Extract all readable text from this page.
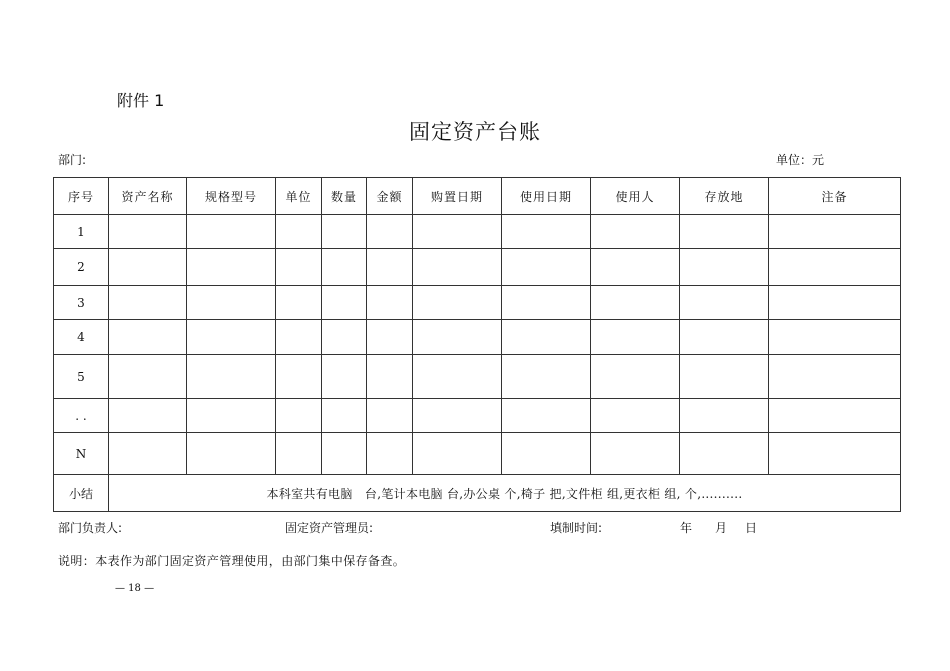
附件 1
固定资产台账
部门:	单位：元
序号	资产名称	规格型号	单位	数量	金额	购置日期	使用日期	使用人	存放地	注备
1										
2										
3										
4										
5										
. .										
N										
小结	本科室共有电脑　台,笔计本电脑 台,办公桌 个,椅子 把,文件柜 组,更衣柜 组, 个,..........									
部门负责人:	固定资产管理员:	填制时间:	年 月 日
说明：本表作为部门固定资产管理使用，由部门集中保存备查。
— 18 —
